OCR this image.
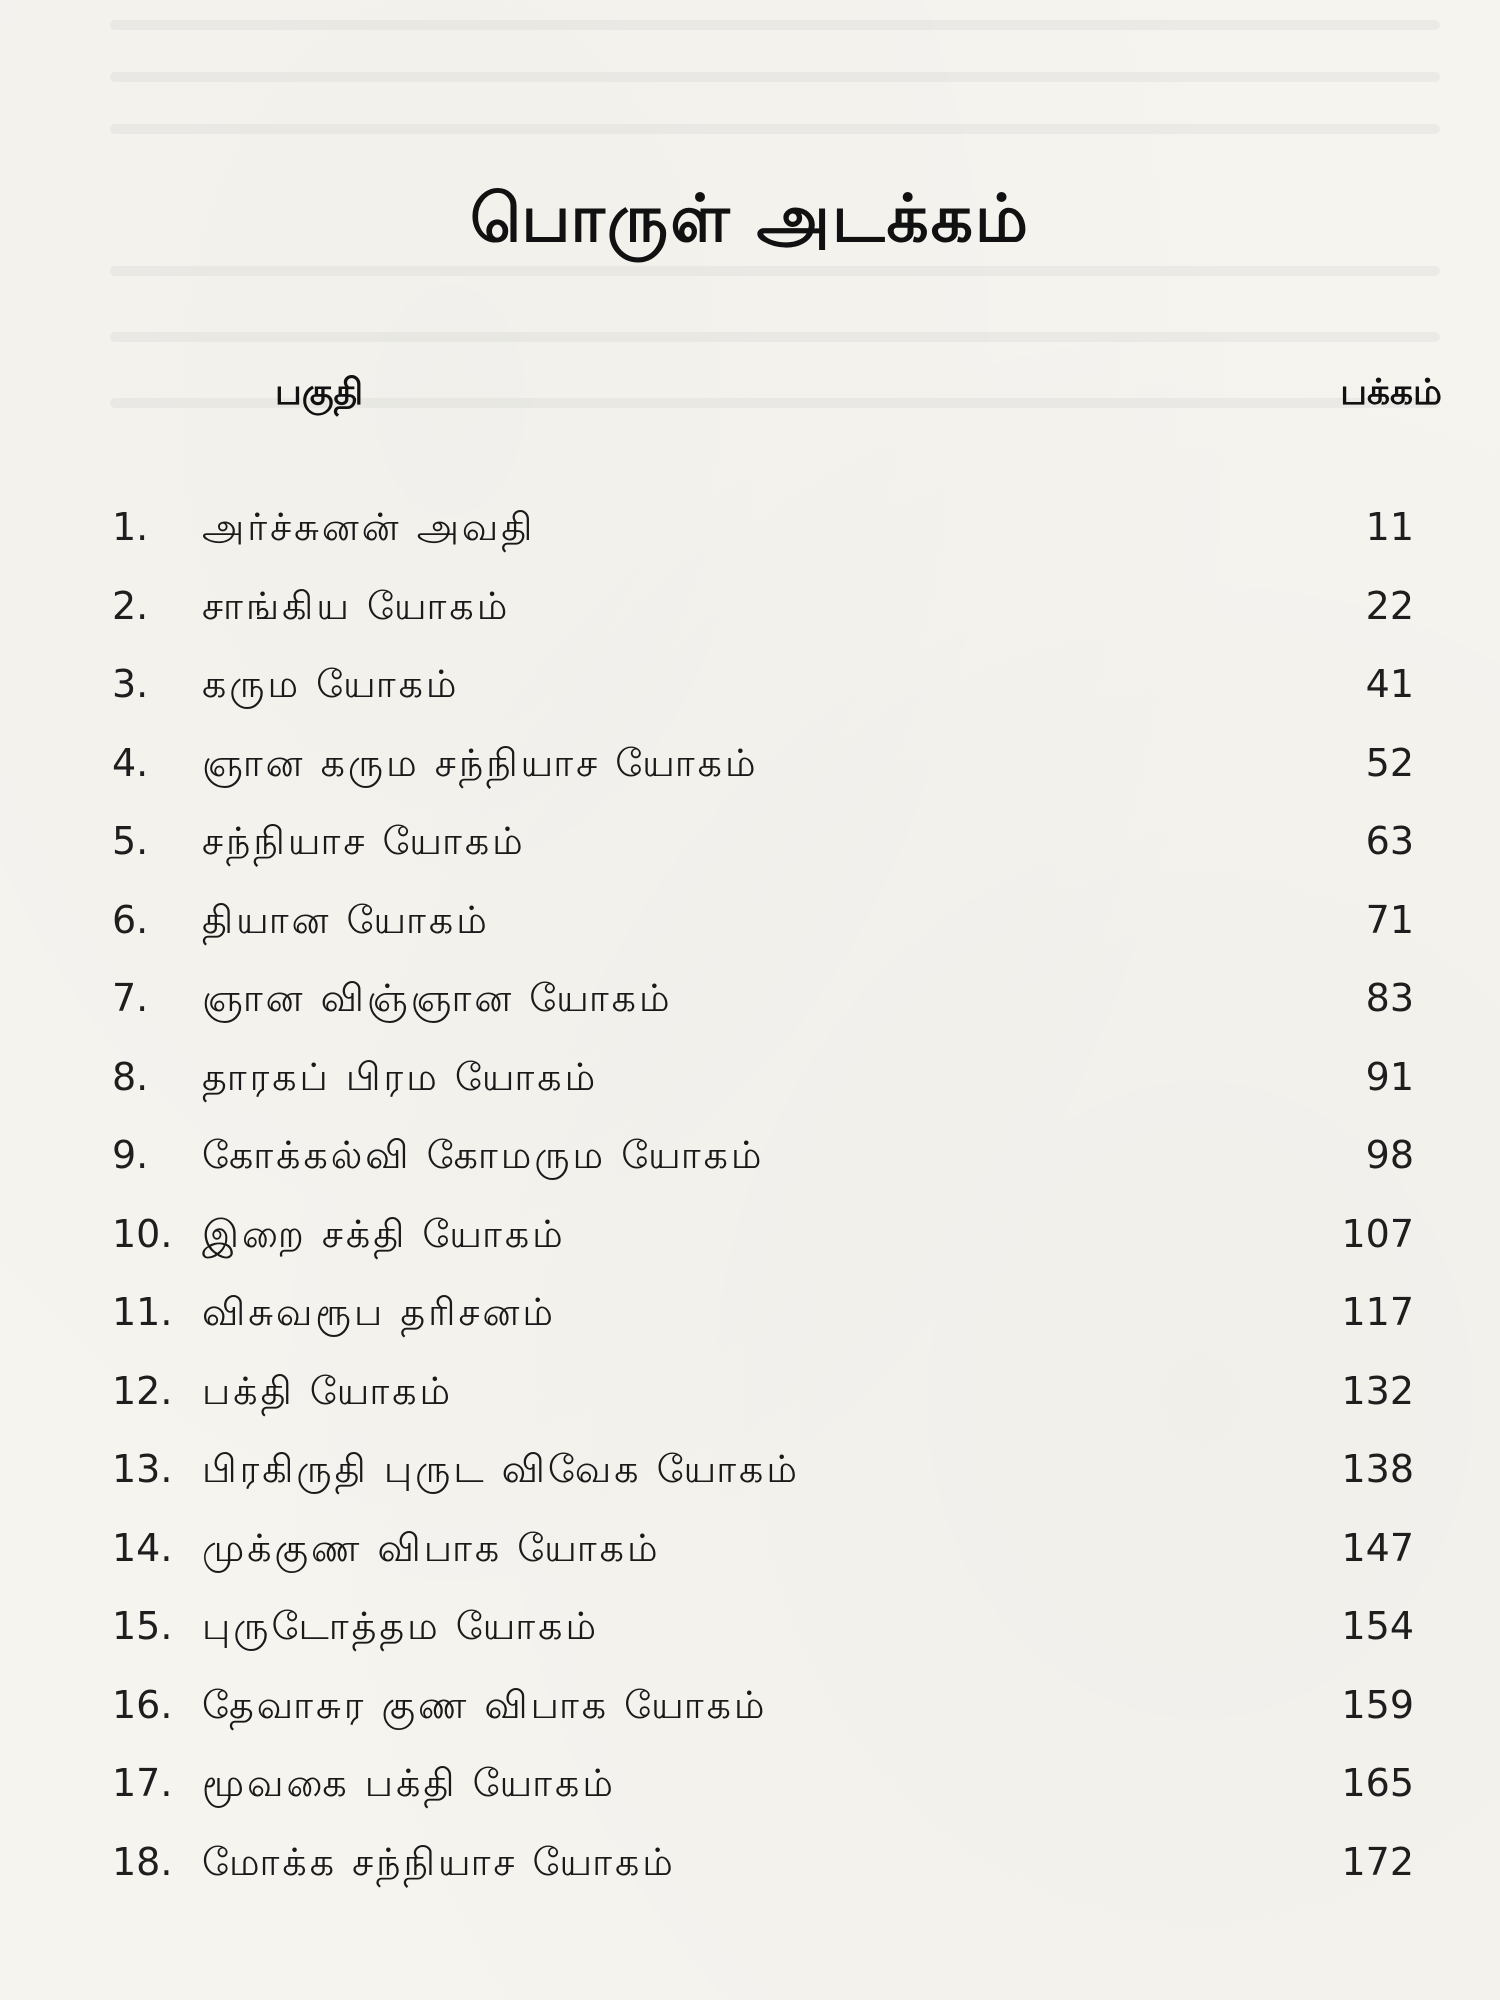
பொருள் அடக்கம்
பகுதி	பக்கம்
1. அர்ச்சுனன் அவதி	11
2. சாங்கிய யோகம்	22
3. கரும யோகம்	41
4. ஞான கரும சந்நியாச யோகம்	52
5. சந்நியாச யோகம்	63
6. தியான யோகம்	71
7. ஞான விஞ்ஞான யோகம்	83
8. தாரகப் பிரம யோகம்	91
9. கோக்கல்வி கோமரும யோகம்	98
10. இறை சக்தி யோகம்	107
11. விசுவரூப தரிசனம்	117
12. பக்தி யோகம்	132
13. பிரகிருதி புருட விவேக யோகம்	138
14. முக்குண விபாக யோகம்	147
15. புருடோத்தம யோகம்	154
16. தேவாசுர குண விபாக யோகம்	159
17. மூவகை பக்தி யோகம்	165
18. மோக்க சந்நியாச யோகம்	172
